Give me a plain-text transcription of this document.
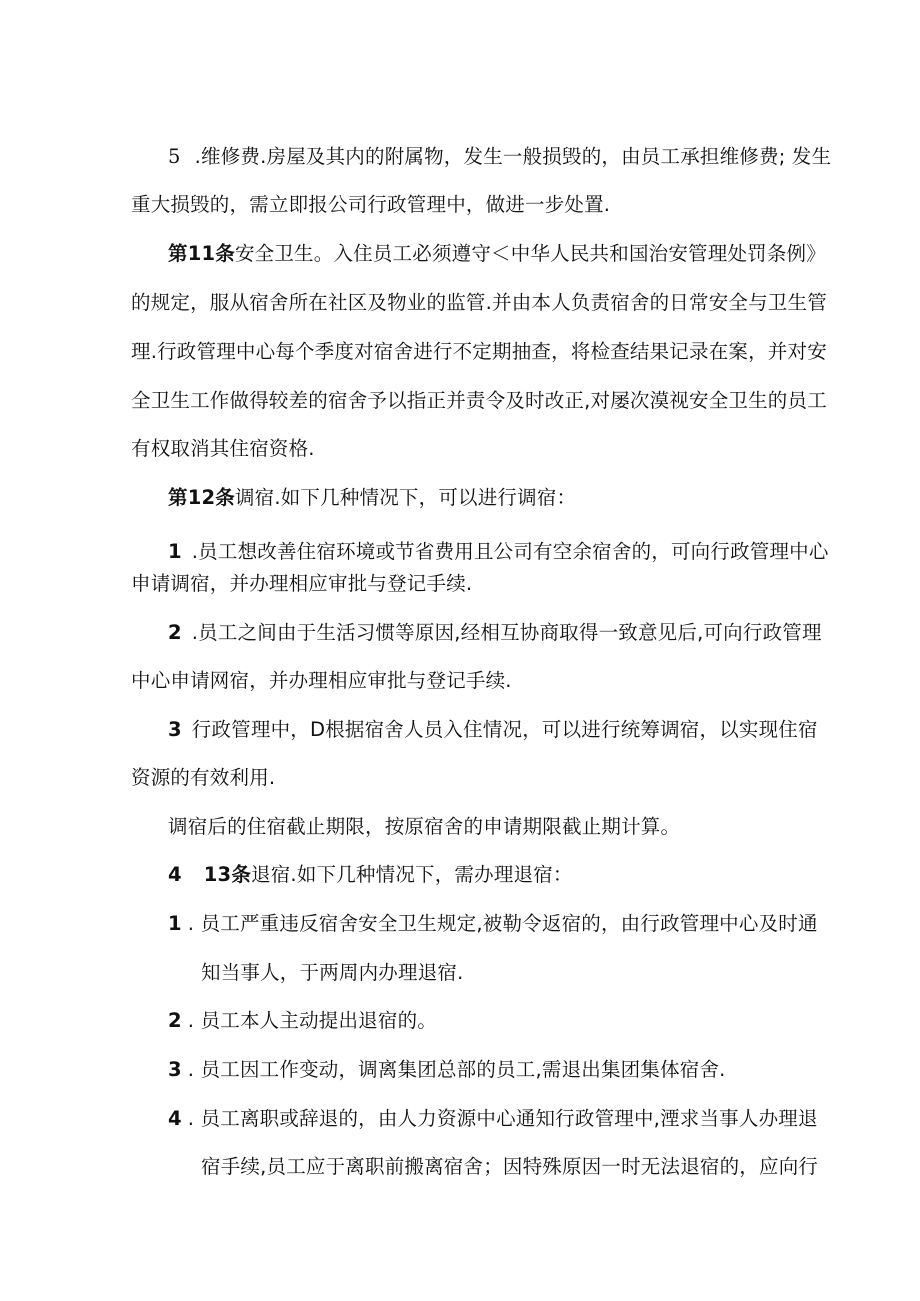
5 .维修费.房屋及其内的附属物，发生一般损毁的，由员工承担维修费; 发生
重大损毁的，需立即报公司行政管理中，做进一步处置.
第11条安全卫生。入住员工必须遵守＜中华人民共和国治安管理处罚条例》
的规定，服从宿舍所在社区及物业的监管.并由本人负责宿舍的日常安全与卫生管
理.行政管理中心每个季度对宿舍进行不定期抽查，将检查结果记录在案，并对安
全卫生工作做得较差的宿舍予以指正并责令及时改正,对屡次漠视安全卫生的员工
有权取消其住宿资格.
第12条调宿.如下几种情况下，可以进行调宿：
1 .员工想改善住宿环境或节省费用且公司有空余宿舍的，可向行政管理中心
申请调宿，并办理相应审批与登记手续.
2 .员工之间由于生活习惯等原因,经相互协商取得一致意见后,可向行政管理
中心申请网宿，并办理相应审批与登记手续.
3 行政管理中，D根据宿舍人员入住情况，可以进行统筹调宿，以实现住宿
资源的有效利用.
调宿后的住宿截止期限，按原宿舍的申请期限截止期计算。
4 13条退宿.如下几种情况下，需办理退宿：
1 . 员工严重违反宿舍安全卫生规定,被勒令返宿的，由行政管理中心及时通
知当事人，于两周内办理退宿.
2 . 员工本人主动提出退宿的。
3 . 员工因工作变动，调离集团总部的员工,需退出集团集体宿舍.
4 . 员工离职或辞退的，由人力资源中心通知行政管理中,湮求当事人办理退
宿手续,员工应于离职前搬离宿舍；因特殊原因一时无法退宿的，应向行
